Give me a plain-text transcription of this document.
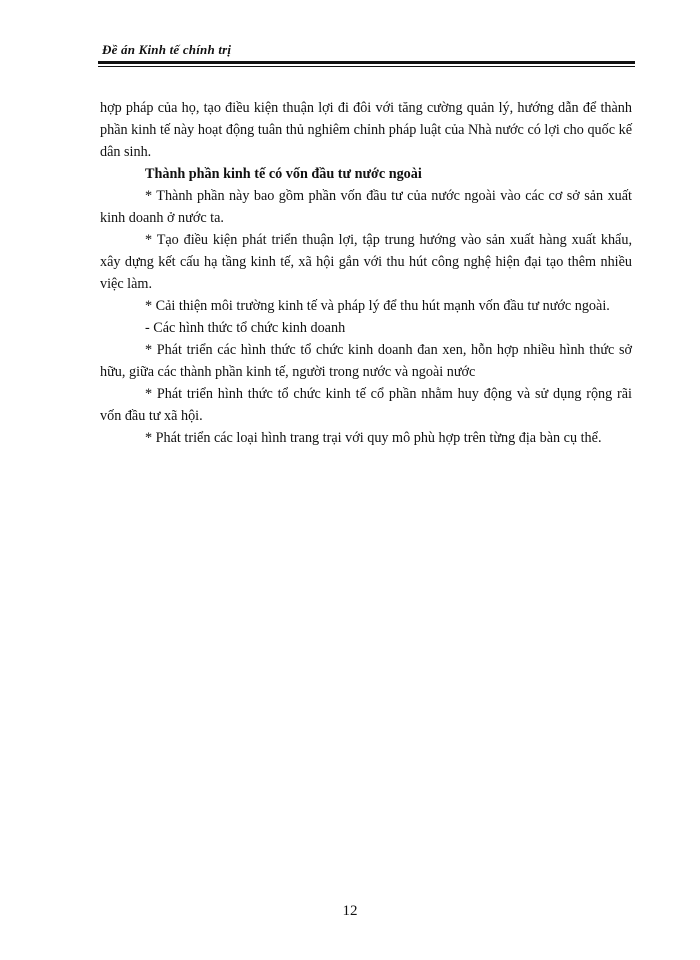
Đề án Kinh tế chính trị

hợp pháp của họ, tạo điều kiện thuận lợi đi đôi với tăng cường quản lý, hướng dẫn để thành phần kinh tế này hoạt động tuân thủ nghiêm chỉnh pháp luật của Nhà nước có lợi cho quốc kế dân sinh.

Thành phần kinh tế có vốn đầu tư nước ngoài

* Thành phần này bao gồm phần vốn đầu tư của nước ngoài vào các cơ sở sản xuất kinh doanh ở nước ta.

* Tạo điều kiện phát triển thuận lợi, tập trung hướng vào sản xuất hàng xuất khẩu, xây dựng kết cấu hạ tầng kinh tế, xã hội gắn với thu hút công nghệ hiện đại tạo thêm nhiều việc làm.

* Cải thiện môi trường kinh tế và pháp lý để thu hút mạnh vốn đầu tư nước ngoài.

- Các hình thức tổ chức kinh doanh

* Phát triển các hình thức tổ chức kinh doanh đan xen, hỗn hợp nhiều hình thức sở hữu, giữa các thành phần kinh tế, người trong nước và ngoài nước

* Phát triển hình thức tổ chức kinh tế cổ phần nhằm huy động và sử dụng rộng rãi vốn đầu tư xã hội.

* Phát triển các loại hình trang trại với quy mô phù hợp trên từng địa bàn cụ thể.

12
